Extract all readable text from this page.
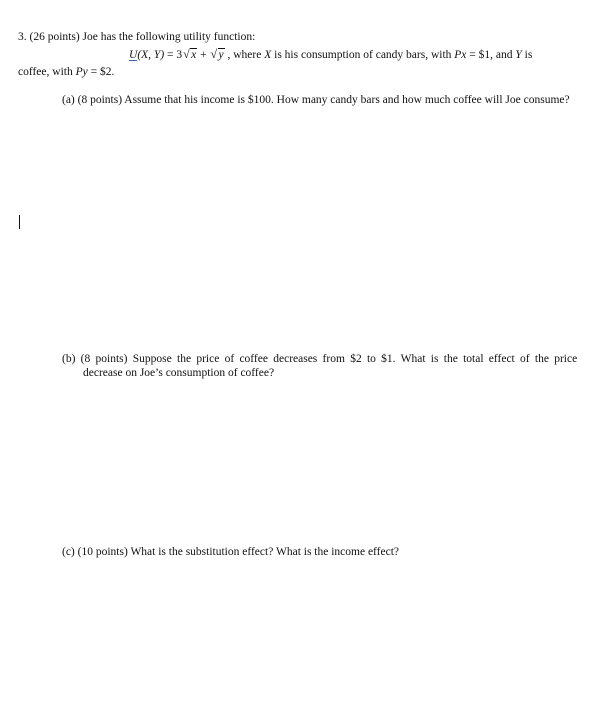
3. (26 points) Joe has the following utility function:
U(X, Y) = 3 √ x + √ y , where X is his consumption of candy bars, with Px = $1, and Y is
coffee, with Py = $2.
(a) (8 points) Assume that his income is $100. How many candy bars and how much coffee will Joe consume?
(b) (8 points) Suppose the price of coffee decreases from $2 to $1. What is the total effect of the price
decrease on Joe’s consumption of coffee?
(c) (10 points) What is the substitution effect? What is the income effect?
